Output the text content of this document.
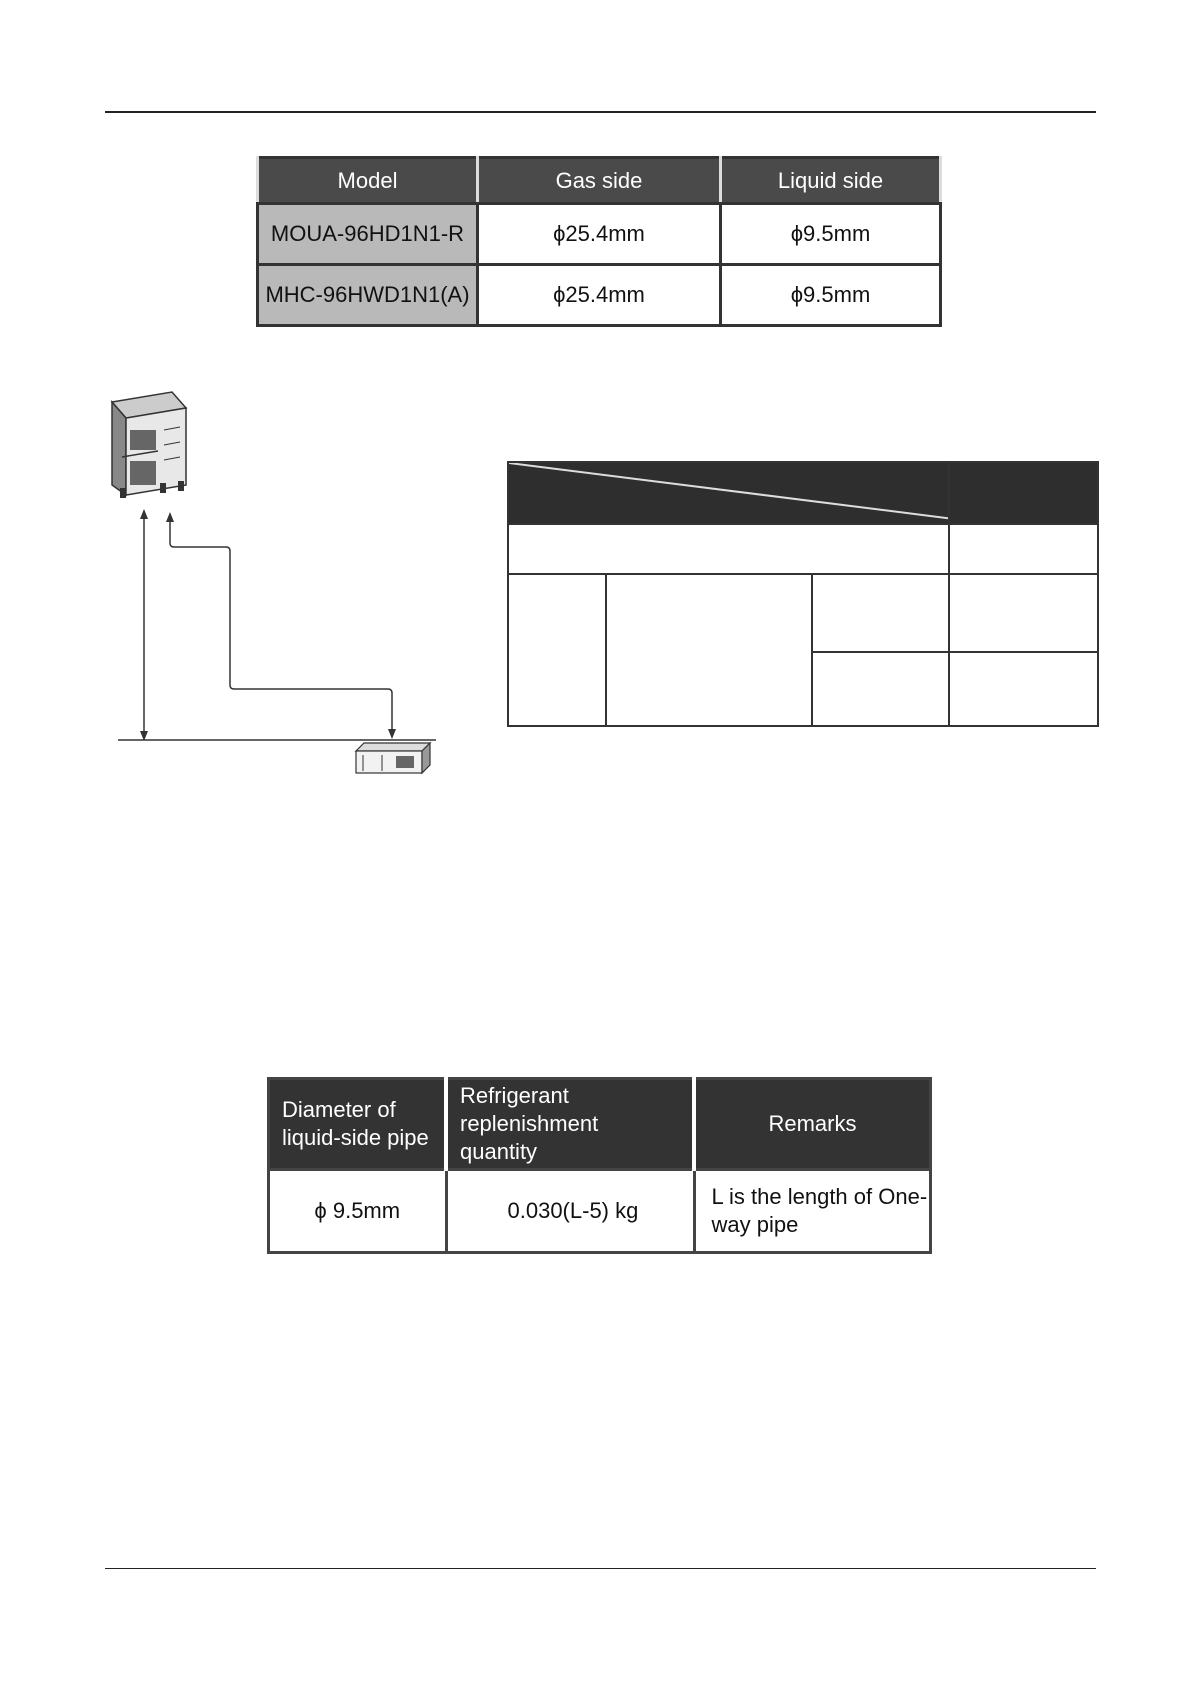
Model	Gas side	Liquid side
MOUA-96HD1N1-R	ϕ25.4mm	ϕ9.5mm
MHC-96HWD1N1(A)	ϕ25.4mm	ϕ9.5mm

Diameter of liquid-side pipe	Refrigerant replenishment quantity	Remarks
ϕ 9.5mm	0.030(L-5) kg	L is the length of One-way pipe
